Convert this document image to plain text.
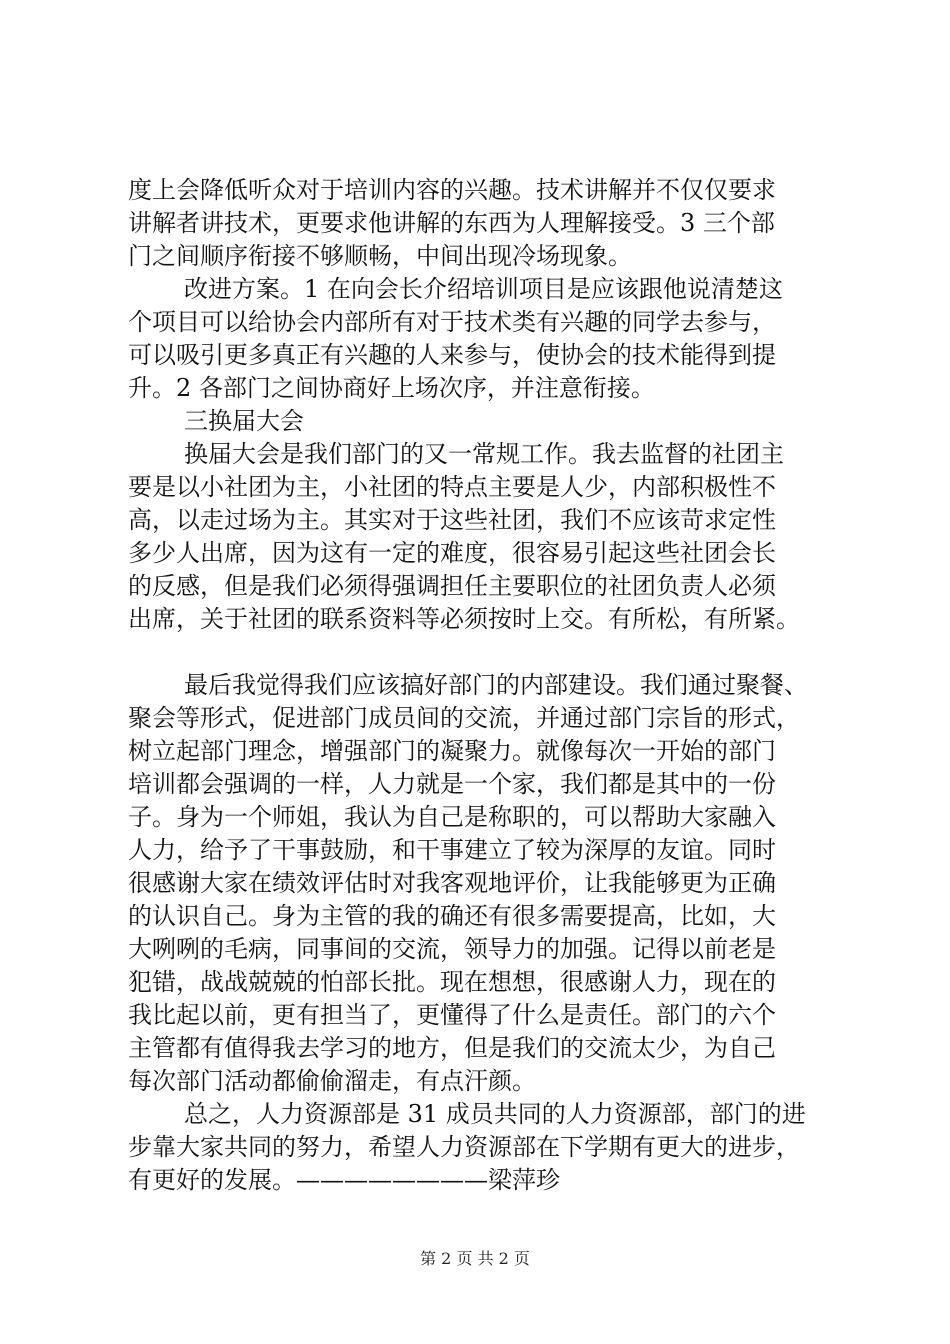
度上会降低听众对于培训内容的兴趣。技术讲解并不仅仅要求
讲解者讲技术，更要求他讲解的东西为人理解接受。3 三个部
门之间顺序衔接不够顺畅，中间出现冷场现象。
改进方案。1 在向会长介绍培训项目是应该跟他说清楚这
个项目可以给协会内部所有对于技术类有兴趣的同学去参与，
可以吸引更多真正有兴趣的人来参与，使协会的技术能得到提
升。2 各部门之间协商好上场次序，并注意衔接。
三换届大会
换届大会是我们部门的又一常规工作。我去监督的社团主
要是以小社团为主，小社团的特点主要是人少，内部积极性不
高，以走过场为主。其实对于这些社团，我们不应该苛求定性
多少人出席，因为这有一定的难度，很容易引起这些社团会长
的反感，但是我们必须得强调担任主要职位的社团负责人必须
出席，关于社团的联系资料等必须按时上交。有所松，有所紧。
最后我觉得我们应该搞好部门的内部建设。我们通过聚餐、
聚会等形式，促进部门成员间的交流，并通过部门宗旨的形式，
树立起部门理念，增强部门的凝聚力。就像每次一开始的部门
培训都会强调的一样，人力就是一个家，我们都是其中的一份
子。身为一个师姐，我认为自己是称职的，可以帮助大家融入
人力，给予了干事鼓励，和干事建立了较为深厚的友谊。同时
很感谢大家在绩效评估时对我客观地评价，让我能够更为正确
的认识自己。身为主管的我的确还有很多需要提高，比如，大
大咧咧的毛病，同事间的交流，领导力的加强。记得以前老是
犯错，战战兢兢的怕部长批。现在想想，很感谢人力，现在的
我比起以前，更有担当了，更懂得了什么是责任。部门的六个
主管都有值得我去学习的地方，但是我们的交流太少，为自己
每次部门活动都偷偷溜走，有点汗颜。
总之，人力资源部是 31 成员共同的人力资源部，部门的进
步靠大家共同的努力，希望人力资源部在下学期有更大的进步，
有更好的发展。————————梁萍珍
第 2 页 共 2 页
